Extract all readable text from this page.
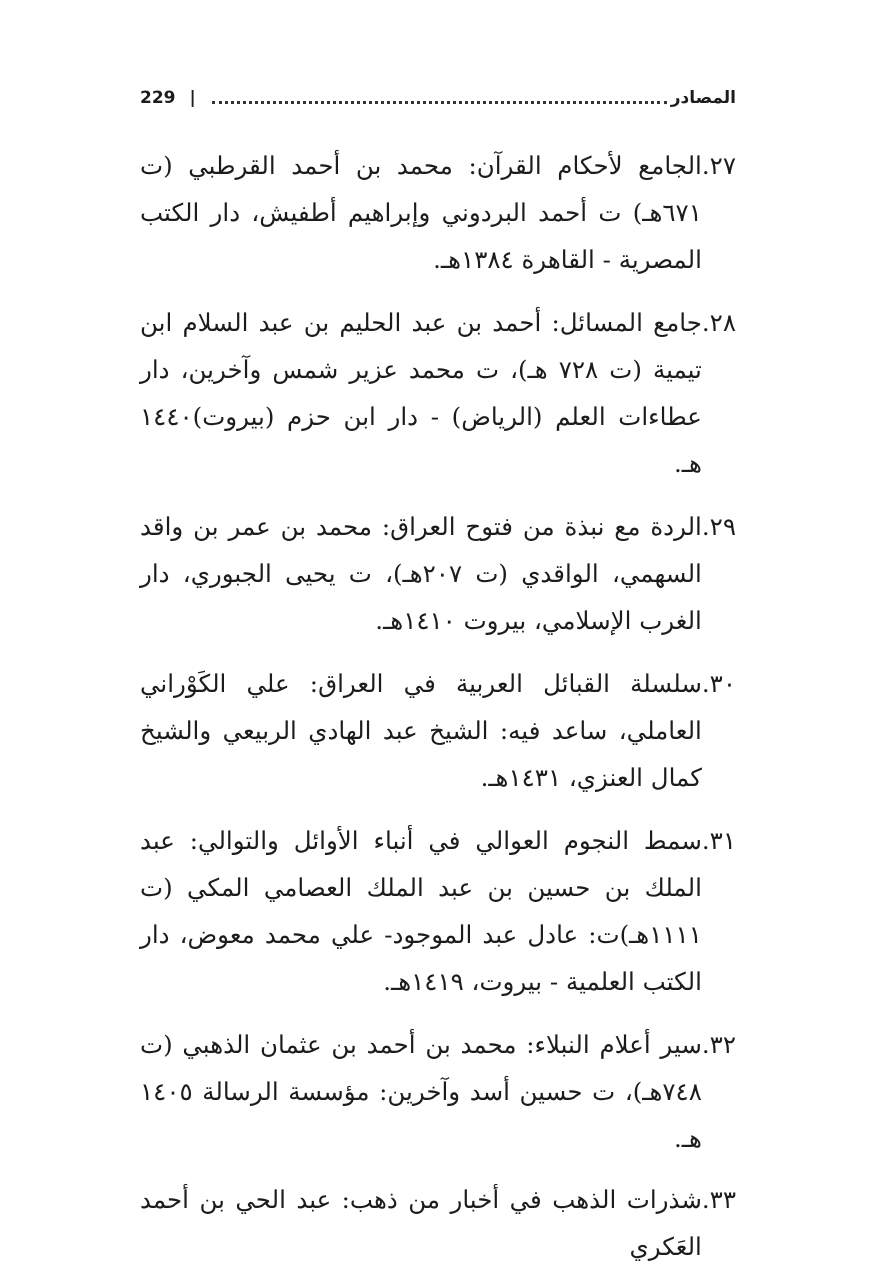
229 |	المصادر
٢٧.
الجامع لأحكام القرآن: محمد بن أحمد القرطبي (ت ٦٧١هـ) ت أحمد البردوني وإبراهيم أطفيش، دار الكتب المصرية - القاهرة ١٣٨٤هـ.
٢٨.
جامع المسائل: أحمد بن عبد الحليم بن عبد السلام ابن تيمية (ت ٧٢٨ هـ)، ت محمد عزير شمس وآخرين، دار عطاءات العلم (الرياض) - دار ابن حزم (بيروت)١٤٤٠ هـ.
٢٩.
الردة مع نبذة من فتوح العراق: محمد بن عمر بن واقد السهمي، الواقدي (ت ٢٠٧هـ)، ت يحيى الجبوري، دار الغرب الإسلامي، بيروت ١٤١٠هـ.
٣٠.
سلسلة القبائل العربية في العراق: علي الكَوْراني العاملي، ساعد فيه: الشيخ عبد الهادي الربيعي والشيخ كمال العنزي، ١٤٣١هـ.
٣١.
سمط النجوم العوالي في أنباء الأوائل والتوالي: عبد الملك بن حسين بن عبد الملك العصامي المكي (ت ١١١١هـ)ت: عادل عبد الموجود- علي محمد معوض، دار الكتب العلمية - بيروت، ١٤١٩هـ.
٣٢.
سير أعلام النبلاء: محمد بن أحمد بن عثمان الذهبي (ت ٧٤٨هـ)، ت حسين أسد وآخرين: مؤسسة الرسالة ١٤٠٥ هـ.
٣٣.
شذرات الذهب في أخبار من ذهب: عبد الحي بن أحمد العَكري
